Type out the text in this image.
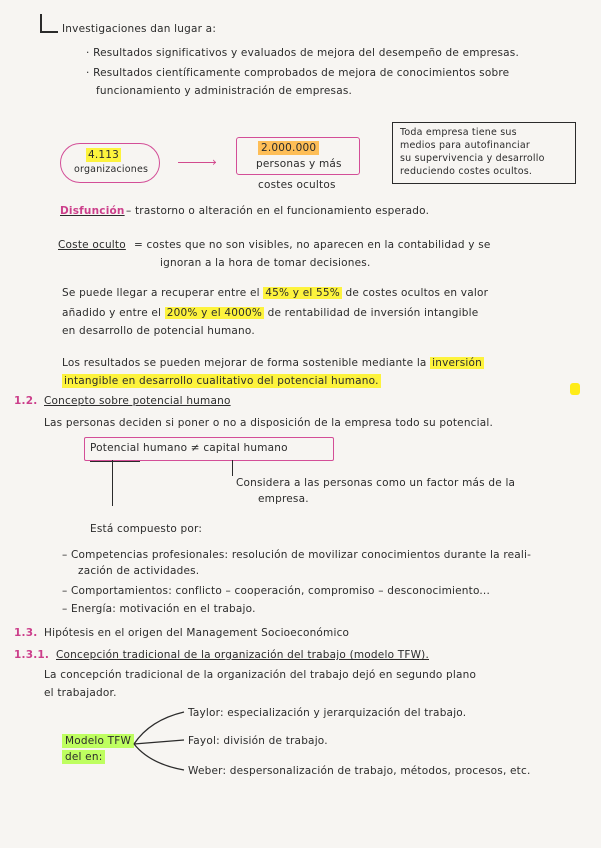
Investigaciones dan lugar a:
· Resultados significativos y evaluados de mejora del desempeño de empresas.
· Resultados científicamente comprobados de mejora de conocimientos sobre
funcionamiento y administración de empresas.
4.113
organizaciones
›
2.000.000
personas y más
costes ocultos
Toda empresa tiene sus
medios para autofinanciar
su supervivencia y desarrollo
reduciendo costes ocultos.
Disfunción – trastorno o alteración en el funcionamiento esperado.
Coste oculto = costes que no son visibles, no aparecen en la contabilidad y se
ignoran a la hora de tomar decisiones.
Se puede llegar a recuperar entre el 45% y el 55% de costes ocultos en valor
añadido y entre el 200% y el 4000% de rentabilidad de inversión intangible
en desarrollo de potencial humano.
Los resultados se pueden mejorar de forma sostenible mediante la inversión
intangible en desarrollo cualitativo del potencial humano.
1.2. Concepto sobre potencial humano
Las personas deciden si poner o no a disposición de la empresa todo su potencial.
Potencial humano ≠ capital humano
Considera a las personas como un factor más de la
empresa.
Está compuesto por:
– Competencias profesionales: resolución de movilizar conocimientos durante la reali-
zación de actividades.
– Comportamientos: conflicto – cooperación, compromiso – desconocimiento...
– Energía: motivación en el trabajo.
1.3. Hipótesis en el origen del Management Socioeconómico
1.3.1. Concepción tradicional de la organización del trabajo (modelo TFW).
La concepción tradicional de la organización del trabajo dejó en segundo plano
el trabajador.
Modelo TFW
del en:
Taylor: especialización y jerarquización del trabajo.
Fayol: división de trabajo.
Weber: despersonalización de trabajo, métodos, procesos, etc.
